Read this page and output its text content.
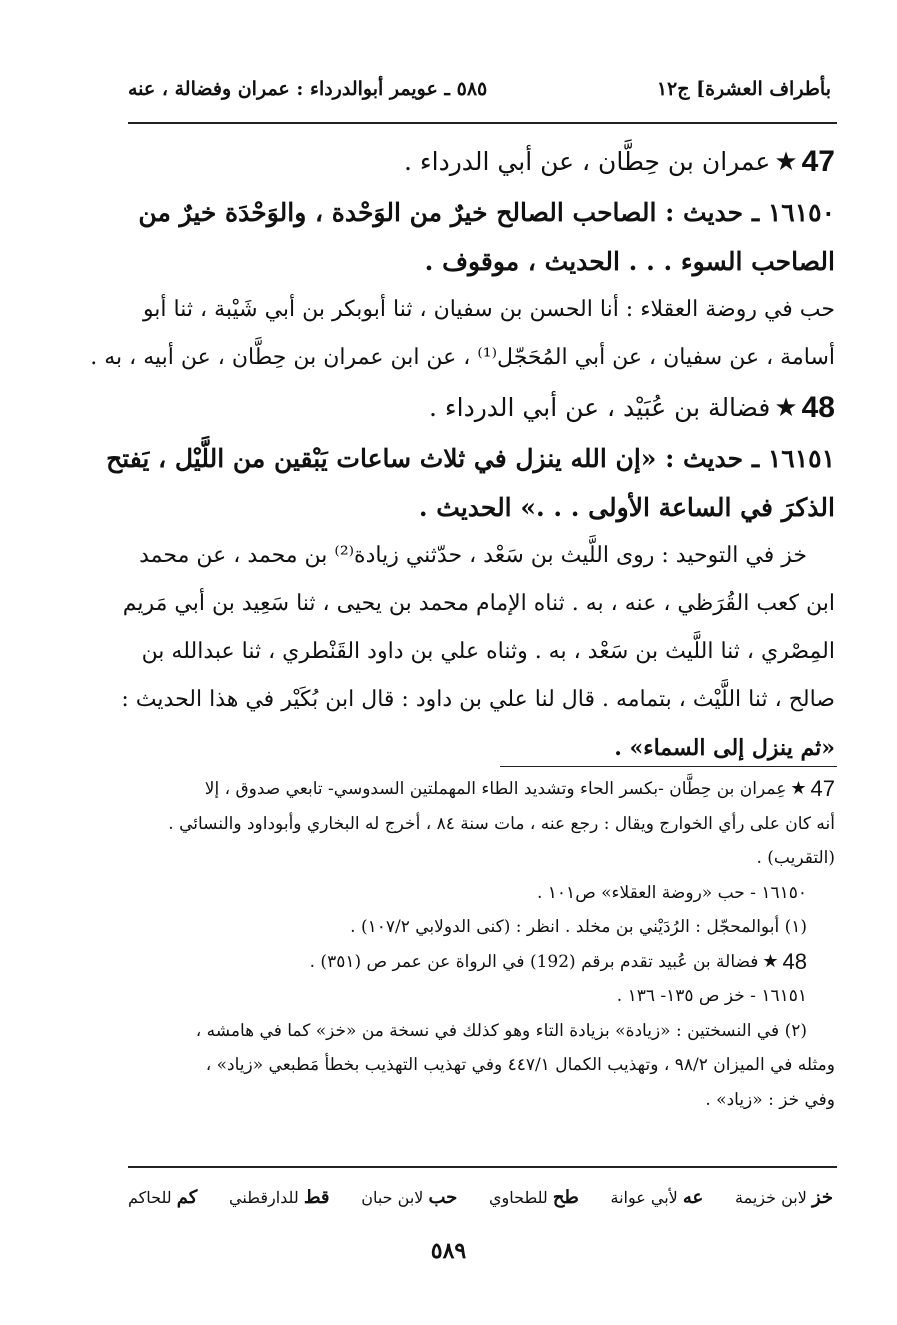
بأطراف العشرة] ج١٢
٥٨٥ ـ عويمر أبوالدرداء : عمران وفضالة ، عنه
47
★
عمران بن حِطَّان ، عن أبي الدرداء .
١٦١٥٠ ـ حديث : الصاحب الصالح خيرٌ من الوَحْدة ، والوَحْدَة خيرٌ من
الصاحب السوء . . . الحديث ، موقوف .
حب في روضة العقلاء : أنا الحسن بن سفيان ، ثنا أبوبكر بن أبي شَيْبة ، ثنا أبو
أسامة ، عن سفيان ، عن أبي المُحَجّل⁽¹⁾ ، عن ابن عمران بن حِطَّان ، عن أبيه ، به .
48
★
فضالة بن عُبَيْد ، عن أبي الدرداء .
١٦١٥١ ـ حديث : «إن الله ينزل في ثلاث ساعات يَبْقين من اللَّيْل ، يَفتح
الذكرَ في الساعة الأولى . . .» الحديث .
خز في التوحيد : روى اللَّيث بن سَعْد ، حدّثني زيادة⁽²⁾ بن محمد ، عن محمد
ابن كعب القُرَظي ، عنه ، به . ثناه الإمام محمد بن يحيى ، ثنا سَعِيد بن أبي مَريم
المِصْري ، ثنا اللَّيث بن سَعْد ، به . وثناه علي بن داود القَنْطري ، ثنا عبدالله بن
صالح ، ثنا اللَّيْث ، بتمامه . قال لنا علي بن داود : قال ابن بُكَيْر في هذا الحديث :
«ثم ينزل إلى السماء» .
47
★
عِمران بن حِطَّان -بكسر الحاء وتشديد الطاء المهملتين السدوسي- تابعي صدوق ، إلا
أنه كان على رأي الخوارج ويقال : رجع عنه ، مات سنة ٨٤ ، أخرج له البخاري وأبوداود والنسائي .
(التقريب) .
١٦١٥٠ - حب «روضة العقلاء» ص١٠١ .
(١) أبوالمحجّل : الرُدَيْني بن مخلد . انظر : (كنى الدولابي ١٠٧/٢) .
48
★
فضالة بن عُبيد تقدم برقم (192) في الرواة عن عمر ص (٣٥١) .
١٦١٥١ - خز ص ١٣٥- ١٣٦ .
(٢) في النسختين : «زيادة» بزيادة التاء وهو كذلك في نسخة من «خز» كما في هامشه ،
ومثله في الميزان ٩٨/٢ ، وتهذيب الكمال ٤٤٧/١ وفي تهذيب التهذيب بخطأ مَطبعي «زياد» ،
وفي خز : «زياد» .
خز لابن خزيمة
عه لأبي عوانة
طح للطحاوي
حب لابن حبان
قط للدارقطني
كم للحاكم
٥٨٩
